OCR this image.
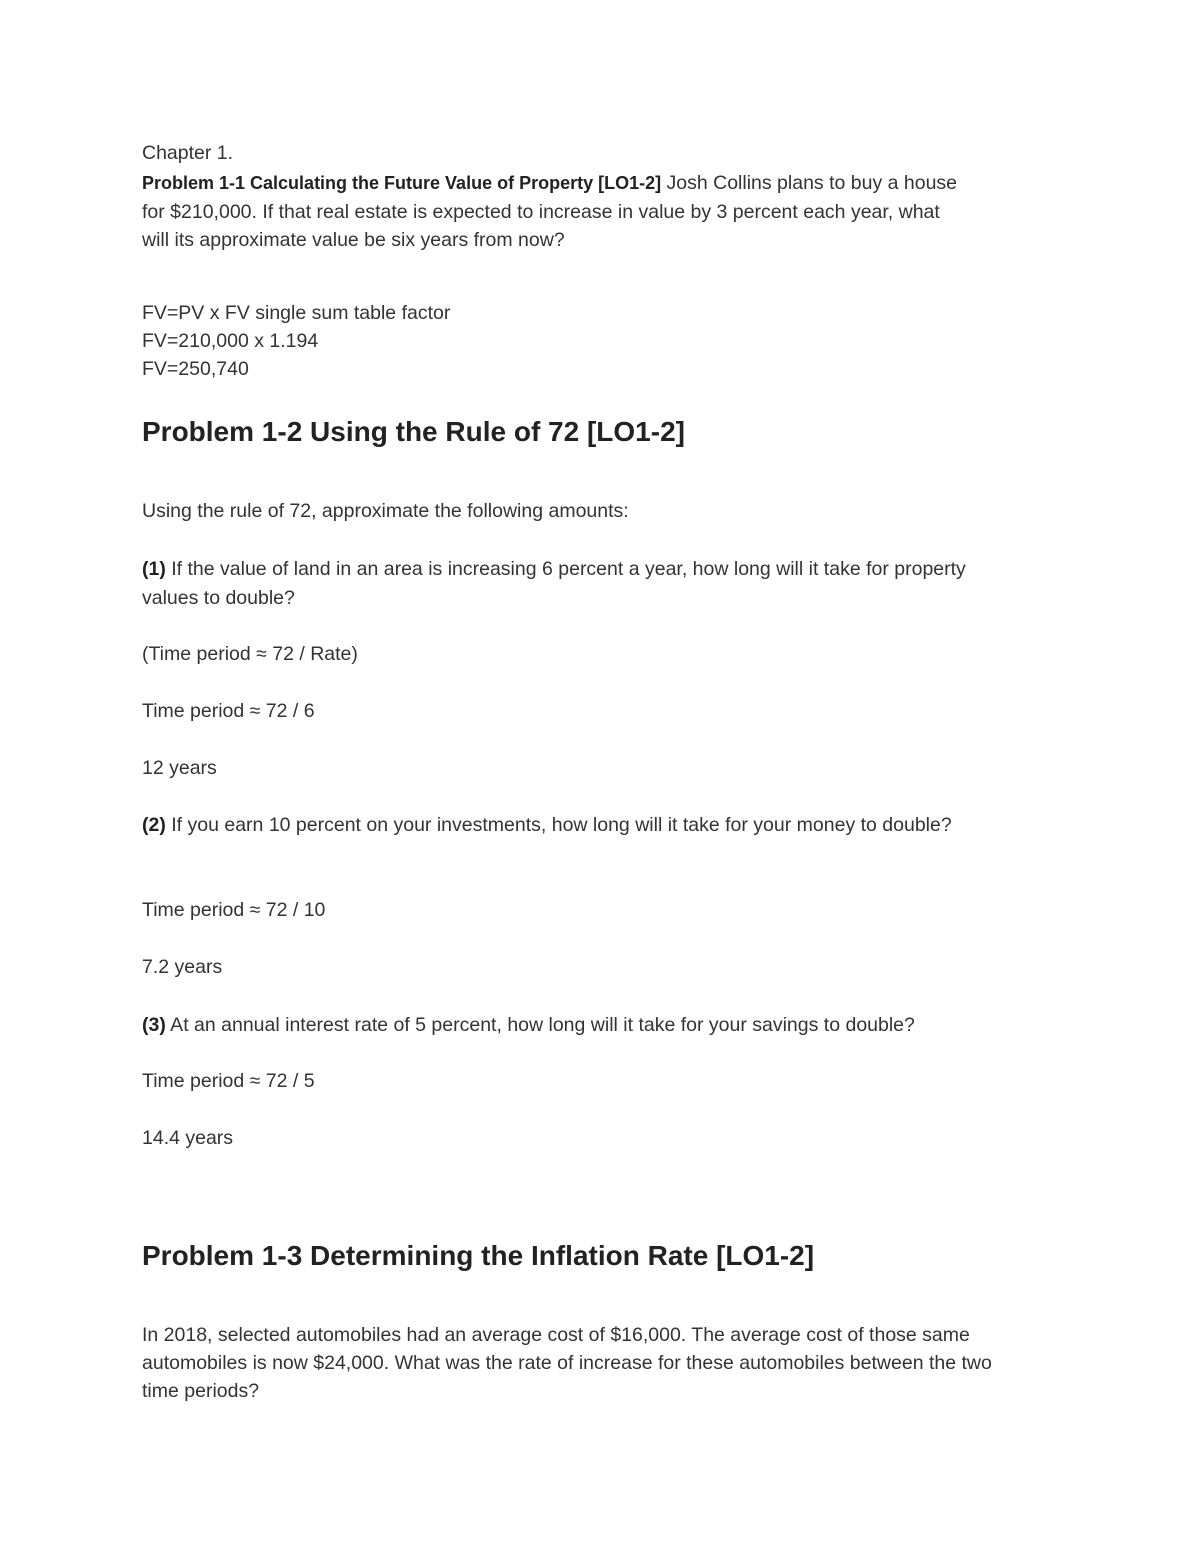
Chapter 1.
Problem 1-1 Calculating the Future Value of Property [LO1-2] Josh Collins plans to buy a house
for $210,000. If that real estate is expected to increase in value by 3 percent each year, what
will its approximate value be six years from now?
FV=PV x FV single sum table factor
FV=210,000 x 1.194
FV=250,740
Problem 1-2 Using the Rule of 72 [LO1-2]
Using the rule of 72, approximate the following amounts:
(1) If the value of land in an area is increasing 6 percent a year, how long will it take for property
values to double?
(Time period ≈ 72 / Rate)
Time period ≈ 72 / 6
12 years
(2) If you earn 10 percent on your investments, how long will it take for your money to double?
Time period ≈ 72 / 10
7.2 years
(3) At an annual interest rate of 5 percent, how long will it take for your savings to double?
Time period ≈ 72 / 5
14.4 years
Problem 1-3 Determining the Inflation Rate [LO1-2]
In 2018, selected automobiles had an average cost of $16,000. The average cost of those same
automobiles is now $24,000. What was the rate of increase for these automobiles between the two
time periods?
